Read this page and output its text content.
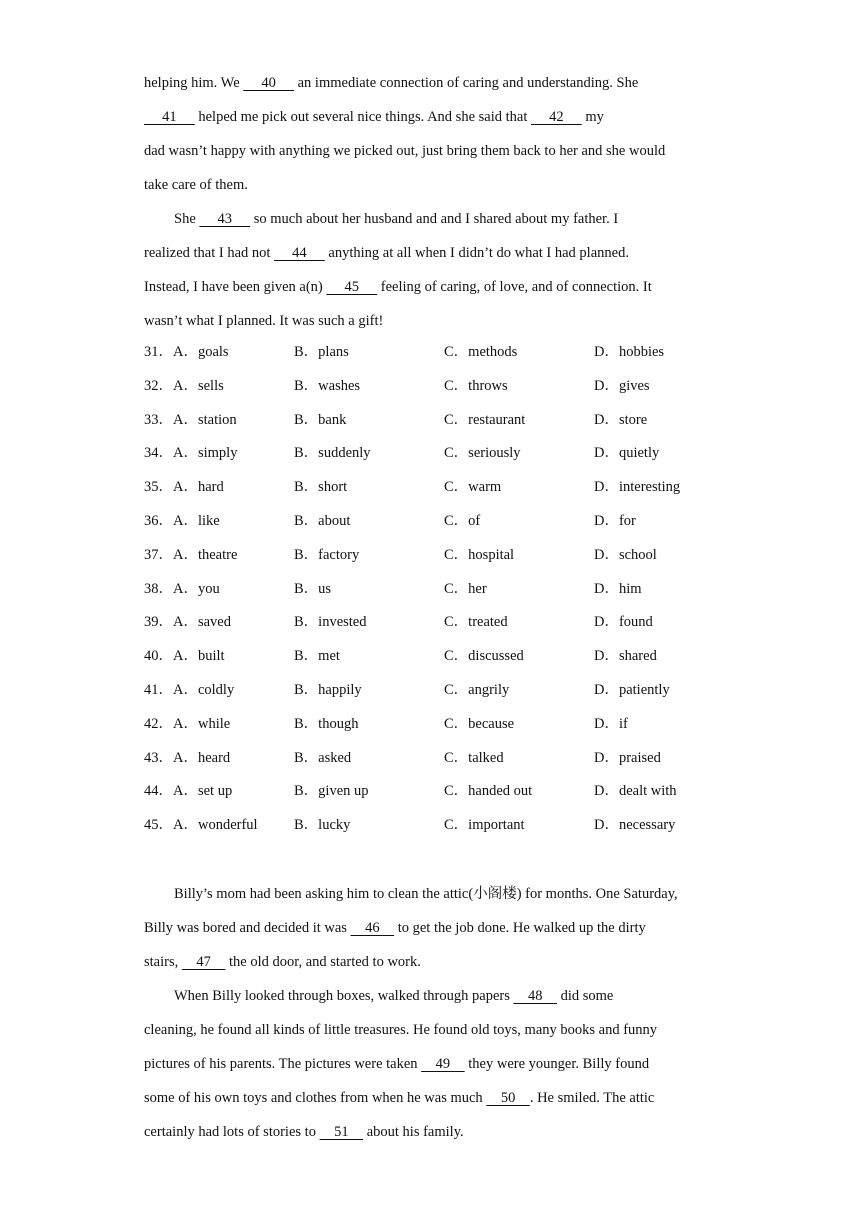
helping him. We      40      an immediate connection of caring and understanding. She
41      helped me pick out several nice things. And she said that      42      my
dad wasn’t happy with anything we picked out, just bring them back to her and she would
take care of them.
She      43      so much about her husband and and I shared about my father. I
realized that I had not      44      anything at all when I didn’t do what I had planned.
Instead, I have been given a(n)      45      feeling of caring, of love, and of connection. It
wasn’t what I planned. It was such a gift!
31．A．goals	B．plans	C．methods	D．hobbies
32．A．sells	B．washes	C．throws	D．gives
33．A．station	B．bank	C．restaurant	D．store
34．A．simply	B．suddenly	C．seriously	D．quietly
35．A．hard	B．short	C．warm	D．interesting
36．A．like	B．about	C．of	D．for
37．A．theatre	B．factory	C．hospital	D．school
38．A．you	B．us	C．her	D．him
39．A．saved	B．invested	C．treated	D．found
40．A．built	B．met	C．discussed	D．shared
41．A．coldly	B．happily	C．angrily	D．patiently
42．A．while	B．though	C．because	D．if
43．A．heard	B．asked	C．talked	D．praised
44．A．set up	B．given up	C．handed out	D．dealt with
45．A．wonderful	B．lucky	C．important	D．necessary
Billy’s mom had been asking him to clean the attic(小阁楼) for months. One Saturday,
Billy was bored and decided it was     46     to get the job done. He walked up the dirty
stairs,     47     the old door, and started to work.
When Billy looked through boxes, walked through papers     48     did some
cleaning, he found all kinds of little treasures. He found old toys, many books and funny
pictures of his parents. The pictures were taken     49     they were younger. Billy found
some of his own toys and clothes from when he was much     50    . He smiled. The attic
certainly had lots of stories to     51     about his family.
